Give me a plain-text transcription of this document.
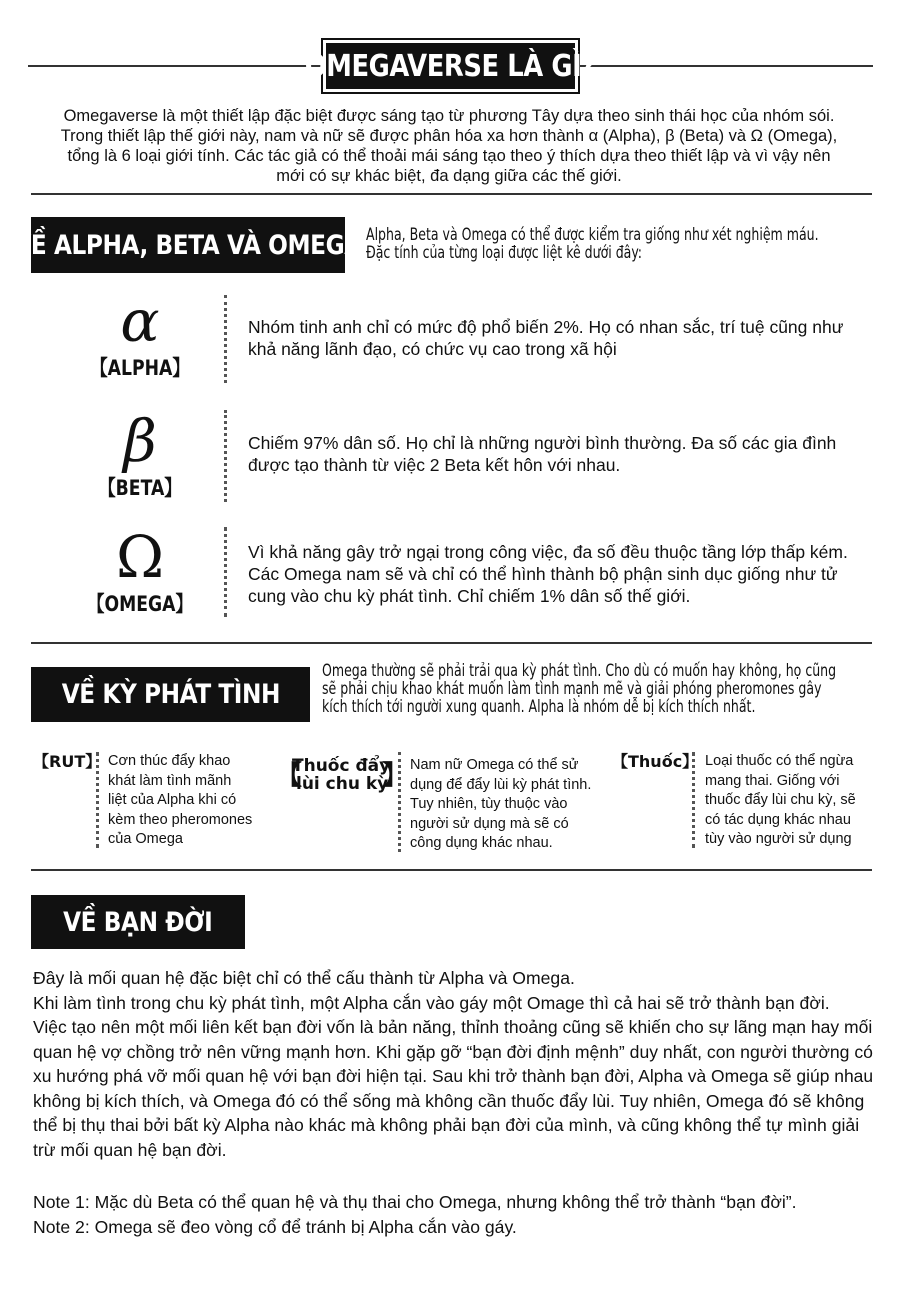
OMEGAVERSE LÀ GÌ?
Omegaverse là một thiết lập đặc biệt được sáng tạo từ phương Tây dựa theo sinh thái học của nhóm sói. Trong thiết lập thế giới này, nam và nữ sẽ được phân hóa xa hơn thành α (Alpha), β (Beta) và Ω (Omega), tổng là 6 loại giới tính. Các tác giả có thể thoải mái sáng tạo theo ý thích dựa theo thiết lập và vì vậy nên mới có sự khác biệt, đa dạng giữa các thế giới.
VỀ ALPHA, BETA VÀ OMEGA Alpha, Beta và Omega có thể được kiểm tra giống như xét nghiệm máu.
Đặc tính của từng loại được liệt kê dưới đây:
α
【ALPHA】
Nhóm tinh anh chỉ có mức độ phổ biến 2%. Họ có nhan sắc, trí tuệ cũng như
khả năng lãnh đạo, có chức vụ cao trong xã hội
β
【BETA】
Chiếm 97% dân số. Họ chỉ là những người bình thường. Đa số các gia đình
được tạo thành từ việc 2 Beta kết hôn với nhau.
Ω
【OMEGA】
Vì khả năng gây trở ngại trong công việc, đa số đều thuộc tầng lớp thấp kém.
Các Omega nam sẽ và chỉ có thể hình thành bộ phận sinh dục giống như tử
cung vào chu kỳ phát tình. Chỉ chiếm 1% dân số thế giới.
VỀ KỲ PHÁT TÌNH
Omega thường sẽ phải trải qua kỳ phát tình. Cho dù có muốn hay không, họ cũng
sẽ phải chịu khao khát muốn làm tình mạnh mẽ và giải phóng pheromones gây
kích thích tới người xung quanh. Alpha là nhóm dễ bị kích thích nhất.
【RUT】 Cơn thúc đẩy khao
khát làm tình mãnh
liệt của Alpha khi có
kèm theo pheromones
của Omega
【	】
Thuốc đẩy
lùi chu kỳ
Nam nữ Omega có thể sử
dụng để đẩy lùi kỳ phát tình.
Tuy nhiên, tùy thuộc vào
người sử dụng mà sẽ có
công dụng khác nhau.
【Thuốc】 Loại thuốc có thể ngừa
mang thai. Giống với
thuốc đẩy lùi chu kỳ, sẽ
có tác dụng khác nhau
tùy vào người sử dụng
VỀ BẠN ĐỜI
Đây là mối quan hệ đặc biệt chỉ có thể cấu thành từ Alpha và Omega.
Khi làm tình trong chu kỳ phát tình, một Alpha cắn vào gáy một Omage thì cả hai sẽ trở thành bạn đời.
Việc tạo nên một mối liên kết bạn đời vốn là bản năng, thỉnh thoảng cũng sẽ khiến cho sự lãng mạn hay mối
quan hệ vợ chồng trở nên vững mạnh hơn. Khi gặp gỡ “bạn đời định mệnh” duy nhất, con người thường có
xu hướng phá vỡ mối quan hệ với bạn đời hiện tại. Sau khi trở thành bạn đời, Alpha và Omega sẽ giúp nhau
không bị kích thích, và Omega đó có thể sống mà không cần thuốc đẩy lùi. Tuy nhiên, Omega đó sẽ không
thể bị thụ thai bởi bất kỳ Alpha nào khác mà không phải bạn đời của mình, và cũng không thể tự mình giải
trừ mối quan hệ bạn đời.
Note 1: Mặc dù Beta có thể quan hệ và thụ thai cho Omega, nhưng không thể trở thành “bạn đời”.
Note 2: Omega sẽ đeo vòng cổ để tránh bị Alpha cắn vào gáy.
